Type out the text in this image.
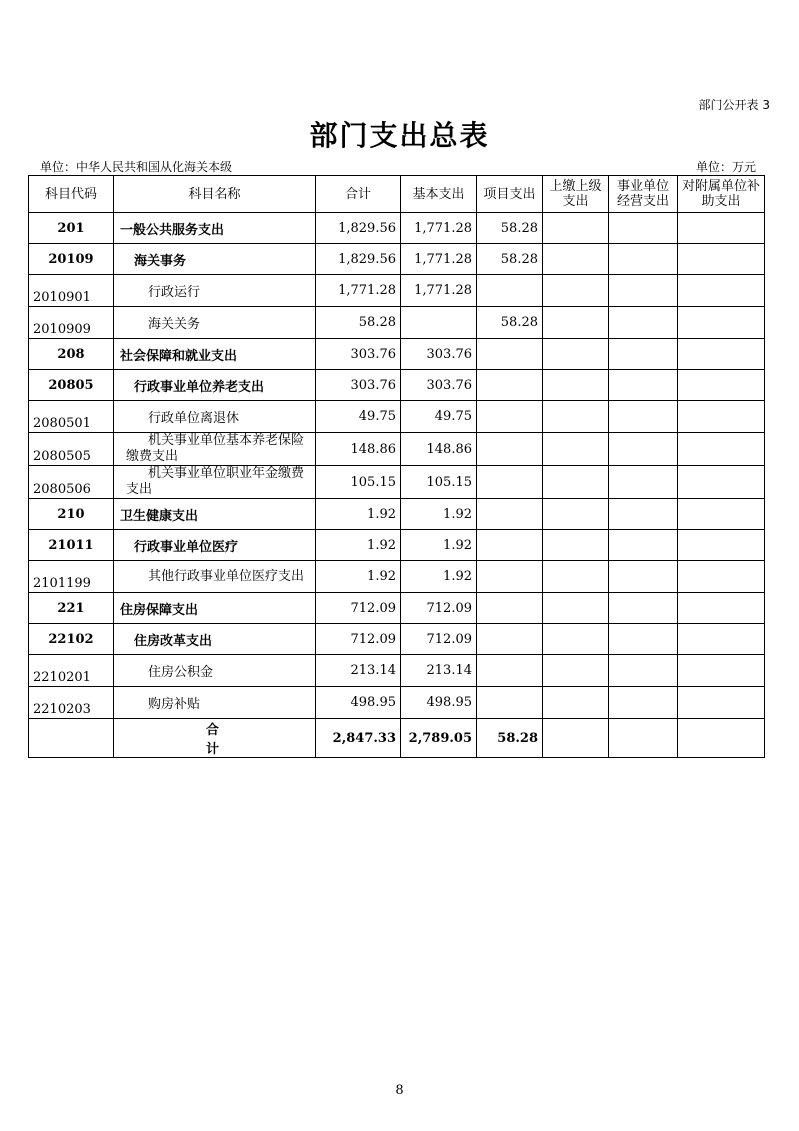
部门公开表 3
部门支出总表
单位：中华人民共和国从化海关本级	单位：万元
科目代码	科目名称	合计	基本支出	项目支出	上缴上级支出	事业单位经营支出	对附属单位补助支出
201	一般公共服务支出	1,829.56	1,771.28	58.28			
20109	海关事务	1,829.56	1,771.28	58.28			
2010901	行政运行	1,771.28	1,771.28				
2010909	海关关务	58.28		58.28			
208	社会保障和就业支出	303.76	303.76				
20805	行政事业单位养老支出	303.76	303.76				
2080501	行政单位离退休	49.75	49.75				
2080505	机关事业单位基本养老保险缴费支出	148.86	148.86				
2080506	机关事业单位职业年金缴费支出	105.15	105.15				
210	卫生健康支出	1.92	1.92				
21011	行政事业单位医疗	1.92	1.92				
2101199	其他行政事业单位医疗支出	1.92	1.92				
221	住房保障支出	712.09	712.09				
22102	住房改革支出	712.09	712.09				
2210201	住房公积金	213.14	213.14				
2210203	购房补贴	498.95	498.95				
	合计	2,847.33	2,789.05	58.28			
8
